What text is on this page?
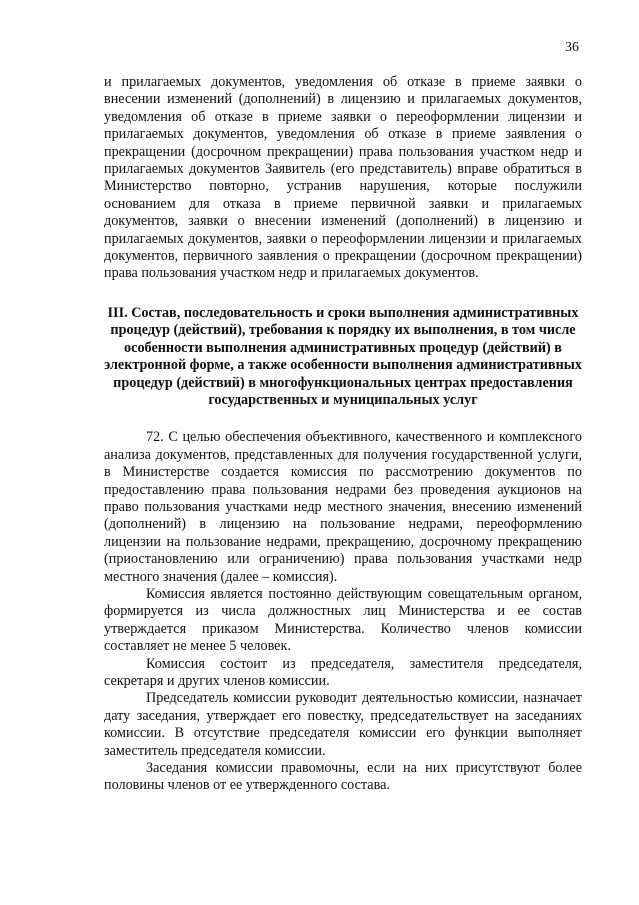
36

и прилагаемых документов, уведомления об отказе в приеме заявки о внесении изменений (дополнений) в лицензию и прилагаемых документов, уведомления об отказе в приеме заявки о переоформлении лицензии и прилагаемых документов, уведомления об отказе в приеме заявления о прекращении (досрочном прекращении) права пользования участком недр и прилагаемых документов Заявитель (его представитель) вправе обратиться в Министерство повторно, устранив нарушения, которые послужили основанием для отказа в приеме первичной заявки и прилагаемых документов, заявки о внесении изменений (дополнений) в лицензию и прилагаемых документов, заявки о переоформлении лицензии и прилагаемых документов, первичного заявления о прекращении (досрочном прекращении) права пользования участком недр и прилагаемых документов.

III. Состав, последовательность и сроки выполнения административных процедур (действий), требования к порядку их выполнения, в том числе особенности выполнения административных процедур (действий) в электронной форме, а также особенности выполнения административных процедур (действий) в многофункциональных центрах предоставления государственных и муниципальных услуг

72. С целью обеспечения объективного, качественного и комплексного анализа документов, представленных для получения государственной услуги, в Министерстве создается комиссия по рассмотрению документов по предоставлению права пользования недрами без проведения аукционов на право пользования участками недр местного значения, внесению изменений (дополнений) в лицензию на пользование недрами, переоформлению лицензии на пользование недрами, прекращению, досрочному прекращению (приостановлению или ограничению) права пользования участками недр местного значения (далее – комиссия).

Комиссия является постоянно действующим совещательным органом, формируется из числа должностных лиц Министерства и ее состав утверждается приказом Министерства. Количество членов комиссии составляет не менее 5 человек.

Комиссия состоит из председателя, заместителя председателя, секретаря и других членов комиссии.

Председатель комиссии руководит деятельностью комиссии, назначает дату заседания, утверждает его повестку, председательствует на заседаниях комиссии. В отсутствие председателя комиссии его функции выполняет заместитель председателя комиссии.

Заседания комиссии правомочны, если на них присутствуют более половины членов от ее утвержденного состава.
